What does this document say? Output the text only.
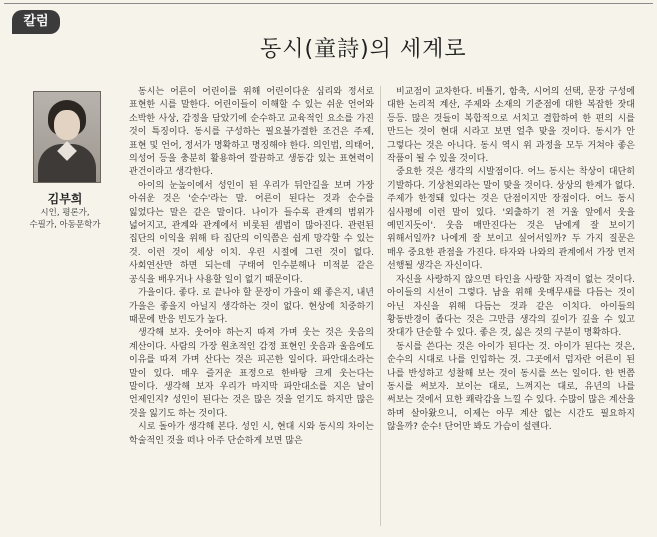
칼럼
동시(童詩)의 세계로
김부희
시인, 평론가,
수필가, 아동문학가

동시는 어른이 어린이를 위해 어린이다운 심리와 정서로 표현한 시를 말한다. 어린이들이 이해할 수 있는 쉬운 언어와 소박한 사상, 감정을 담았기에 순수하고 교육적인 요소를 가진 것이 특징이다. 동시를 구성하는 필요불가결한 조건은 주제, 표현 및 언어, 정서가 명확하고 명징해야 한다. 의인법, 의태어, 의성어 등을 충분히 활용하여 깔끔하고 생동감 있는 표현력이 관건이라고 생각한다.

아이의 눈높이에서 성인이 된 우리가 뒤안길을 보며 가장 아쉬운 것은 '순수'라는 말. 어른이 된다는 것과 순수를 잃었다는 말은 같은 말이다. 나이가 들수록 관계의 범위가 넓어지고, 관계와 관계에서 비롯된 셈법이 많아진다. 관련된 집단의 이익을 위해 타 집단의 이익쯤은 쉽게 망각할 수 있는 것. 이런 것이 세상 이치. 우린 시절에 그런 것이 없다. 사회연산만 하면 되는데 구태여 인수분해나 미적분 같은 공식을 배우거나 사용할 일이 없기 때문이다.

가을이다. 좋다. 로 끝나야 할 문장이 가을이 왜 좋은지, 내년 가을은 좋을지 아닐지 생각하는 것이 없다. 현상에 치중하기 때문에 반응 빈도가 높다.

생각해 보자. 웃어야 하는지 따져 가며 웃는 것은 웃음의 계산이다. 사람의 가장 원초적인 감정 표현인 웃음과 울음에도 이유를 따져 가며 산다는 것은 피곤한 일이다. 파안대소라는 말이 있다. 매우 즐거운 표정으로 한바탕 크게 웃는다는 말이다. 생각해 보자 우리가 마지막 파안대소를 지은 날이 언제인지? 성인이 된다는 것은 많은 것을 얻기도 하지만 많은 것을 잃기도 하는 것이다.

시로 돌아가 생각해 본다. 성인 시, 현대 시와 동시의 차이는 학술적인 것을 떠나 아주 단순하게 보면 많은

비교점이 교차한다. 비틀기, 함축, 시어의 선택, 문장 구성에 대한 논리적 계산, 주제와 소재의 기준점에 대한 복잡한 잣대 등등. 많은 것들이 복합적으로 서치고 결합하여 한 편의 시를 만드는 것이 현대 시라고 보면 얼추 맞을 것이다. 동시가 안 그렇다는 것은 아니다. 동시 역시 위 과정을 모두 거쳐야 좋은 작품이 될 수 있을 것이다.

중요한 것은 생각의 시발점이다. 어느 동시는 착상이 대단히 기발하다. 기상천외라는 말이 맞을 것이다. 상상의 한계가 없다. 주제가 한정돼 있다는 것은 단점이지만 장점이다. 어느 동시 심사평에 이런 말이 있다. '외출하기 전 거울 앞에서 웃을 예민지듯이'. 웃음 매만진다는 것은 남에게 잘 보이기 위해서일까? 나에게 잘 보이고 싶어서일까? 두 가지 질문은 매우 중요한 관점을 가진다. 타자와 나와의 관계에서 가장 먼저 선행될 생각은 자신이다.

자신을 사랑하지 않으면 타인을 사랑할 자격이 없는 것이다. 아이들의 시선이 그렇다. 남을 위해 웃매무새를 다듬는 것이 아닌 자신을 위해 다듬는 것과 같은 이치다. 아이들의 황동반경이 좁다는 것은 그만큼 생각의 깊이가 깊을 수 있고 잣대가 단순할 수 있다. 좋은 것, 싫은 것의 구분이 명확하다.

동시를 쓴다는 것은 아이가 된다는 것. 아이가 된다는 것은, 순수의 시대로 나를 인입하는 것. 그곳에서 덤자란 어른이 된 나를 반성하고 성찰해 보는 것이 동시를 쓰는 일이다. 한 번쯤 동시를 써보자. 보이는 대로, 느껴지는 대로, 유년의 나를 써보는 것에서 묘한 쾌락감을 느낄 수 있다. 수많이 많은 계산을 하며 살아왔으니, 이제는 아무 계산 없는 시간도 필요하지 않을까? 순수! 단어만 봐도 가슴이 설렌다.
